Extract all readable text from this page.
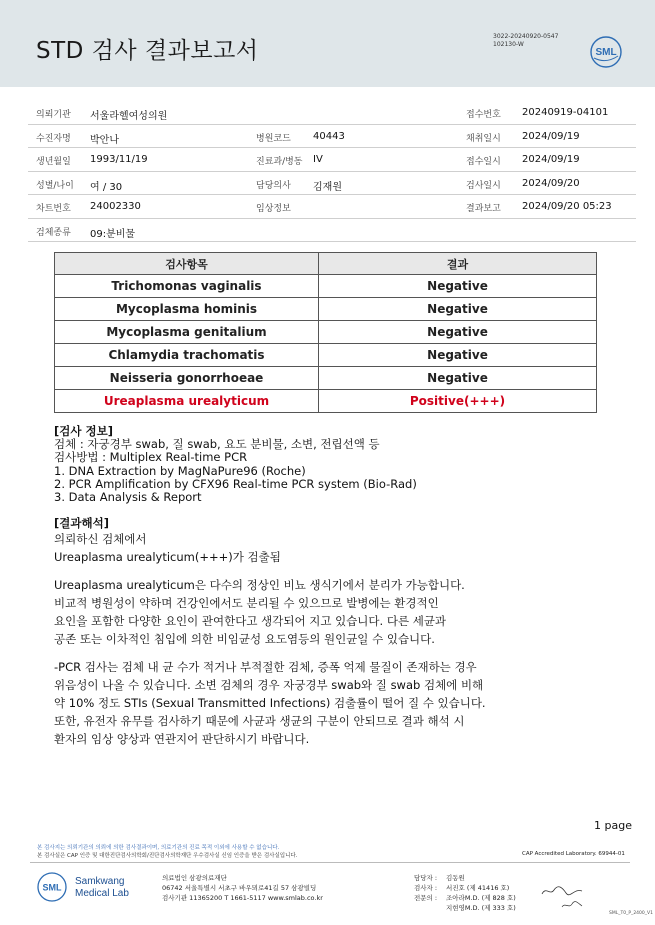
STD 검사 결과보고서
3022-20240920-0547
102130-W
SML
의뢰기관 서울라헬여성의원	접수번호 20240919-04101
수진자명 박안나	병원코드 40443	채취일시 2024/09/19
생년월일 1993/11/19	진료과/병동 IV	접수일시 2024/09/19
성별/나이 여 / 30	담당의사 김재원	검사일시 2024/09/20
차트번호 24002330	임상정보	결과보고 2024/09/20 05:23
검체종류 09:분비물
검사항목	결과
Trichomonas vaginalis	Negative
Mycoplasma hominis	Negative
Mycoplasma genitalium	Negative
Chlamydia trachomatis	Negative
Neisseria gonorrhoeae	Negative
Ureaplasma urealyticum	Positive(+++)
[검사 정보]
검체 : 자궁경부 swab, 질 swab, 요도 분비물, 소변, 전립선액 등
검사방법 : Multiplex Real-time PCR
1. DNA Extraction by MagNaPure96 (Roche)
2. PCR Amplification by CFX96 Real-time PCR system (Bio-Rad)
3. Data Analysis & Report
[결과해석]

의뢰하신 검체에서

Ureaplasma urealyticum(+++)가 검출됨

Ureaplasma urealyticum은 다수의 정상인 비뇨 생식기에서 분리가 가능합니다.

비교적 병원성이 약하며 건강인에서도 분리될 수 있으므로 발병에는 환경적인

요인을 포함한 다양한 요인이 관여한다고 생각되어 지고 있습니다. 다른 세균과

공존 또는 이차적인 침입에 의한 비임균성 요도염등의 원인균일 수 있습니다.

-PCR 검사는 검체 내 균 수가 적거나 부적절한 검체, 증폭 억제 물질이 존재하는 경우

위음성이 나올 수 있습니다. 소변 검체의 경우 자궁경부 swab와 질 swab 검체에 비해

약 10% 정도 STIs (Sexual Transmitted Infections) 검출률이 떨어 질 수 있습니다.

또한, 유전자 유무를 검사하기 때문에 사균과 생균의 구분이 안되므로 결과 해석 시

환자의 임상 양상과 연관지어 판단하시기 바랍니다.

1 page
본 검사지는 의뢰기관의 의뢰에 의한 검사결과이며, 의료기관의 진료 목적 이외에 사용할 수 없습니다.
본 검사실은 CAP 인증 및 대한진단검사의학회/진단검사의학재단 우수검사실 신임 인증을 받은 검사실입니다.	CAP Accredited Laboratory. 69944-01
SML
Samkwang
Medical Lab
의료법인 삼광의료재단
06742 서울특별시 서초구 바우뫼로41길 57 삼광빌딩
검사기관 11365200 T 1661-5117 www.smlab.co.kr
담당자 : 김동원
검사자 : 서진호 (제 41416 호)
전문의 : 조아라M.D. (제 828 호)
지현영M.D. (제 333 호)
SML_T0_P_2400_V1
